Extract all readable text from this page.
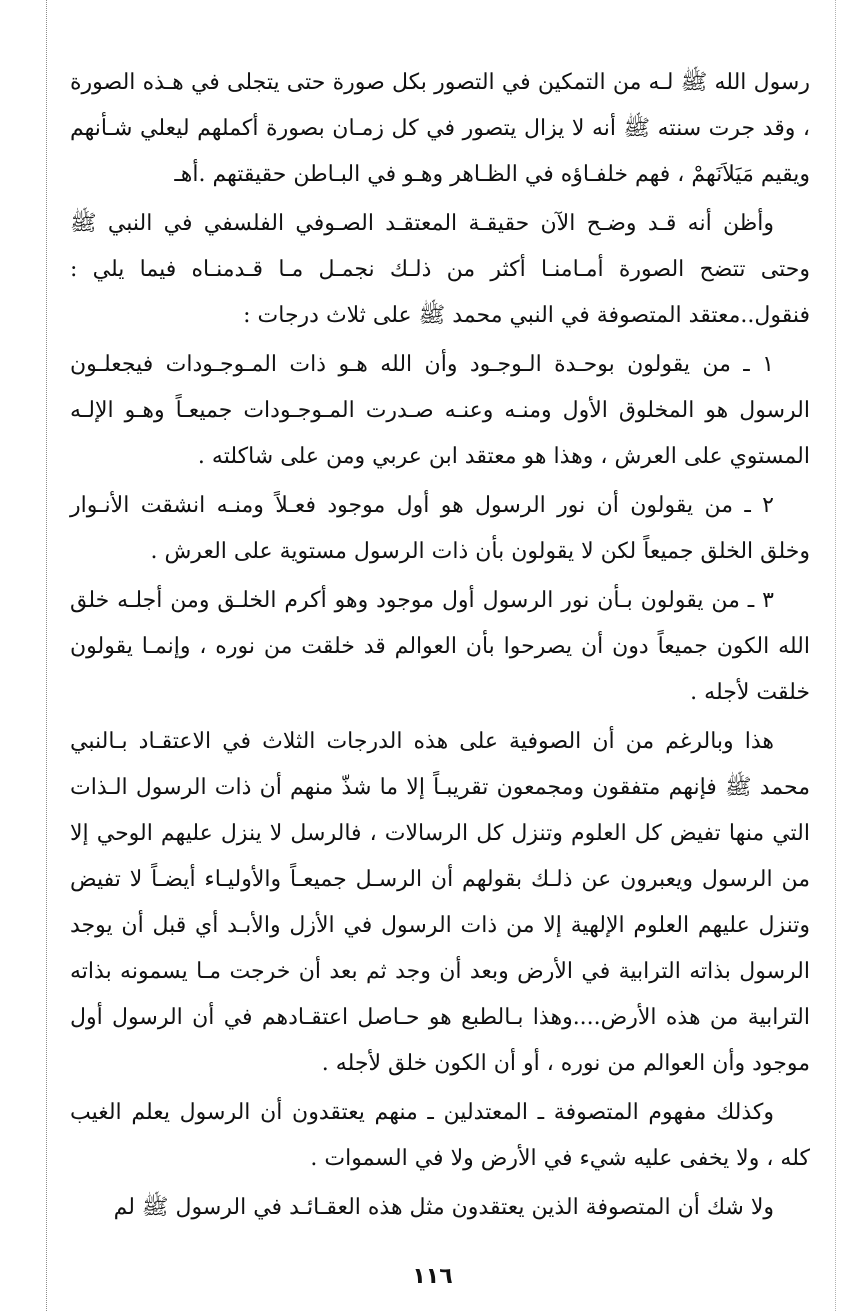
رسول الله ﷺ لـه من التمكين في التصور بكل صورة حتى يتجلى في هـذه الصورة ، وقد جرت سنته ﷺ أنه لا يزال يتصور في كل زمـان بصورة أكملهم ليعلي شـأنهم ويقيم مَيَلاَنَهمْ ، فهم خلفـاؤه في الظـاهر وهـو في البـاطن حقيقتهم .أهـ

وأظن أنه قـد وضـح الآن حقيقـة المعتقـد الصـوفي الفلسفي في النبي ﷺ وحتى تتضح الصورة أمـامنـا أكثر من ذلـك نجمـل مـا قـدمنـاه فيما يلي : فنقول..معتقد المتصوفة في النبي محمد ﷺ على ثلاث درجات :

١ ـ من يقولون بوحـدة الـوجـود وأن الله هـو ذات المـوجـودات فيجعلـون الرسول هو المخلوق الأول ومنـه وعنـه صـدرت المـوجـودات جميعـاً وهـو الإلـه المستوي على العرش ، وهذا هو معتقد ابن عربي ومن على شاكلته .

٢ ـ من يقولون أن نور الرسول هو أول موجود فعـلاً ومنـه انشقت الأنـوار وخلق الخلق جميعاً لكن لا يقولون بأن ذات الرسول مستوية على العرش .

٣ ـ من يقولون بـأن نور الرسول أول موجود وهو أكرم الخلـق ومن أجلـه خلق الله الكون جميعاً دون أن يصرحوا بأن العوالم قد خلقت من نوره ، وإنمـا يقولون خلقت لأجله .

هذا وبالرغم من أن الصوفية على هذه الدرجات الثلاث في الاعتقـاد بـالنبي محمد ﷺ فإنهم متفقون ومجمعون تقريبـاً إلا ما شذّ منهم أن ذات الرسول الـذات التي منها تفيض كل العلوم وتنزل كل الرسالات ، فالرسل لا ينزل عليهم الوحي إلا من الرسول ويعبرون عن ذلـك بقولهم أن الرسـل جميعـاً والأوليـاء أيضـاً لا تفيض وتنزل عليهم العلوم الإلهية إلا من ذات الرسول في الأزل والأبـد أي قبل أن يوجد الرسول بذاته الترابية في الأرض وبعد أن وجد ثم بعد أن خرجت مـا يسمونه بذاته الترابية من هذه الأرض....وهذا بـالطبع هو حـاصل اعتقـادهم في أن الرسول أول موجود وأن العوالم من نوره ، أو أن الكون خلق لأجله .

وكذلك مفهوم المتصوفة ـ المعتدلين ـ منهم يعتقدون أن الرسول يعلم الغيب كله ، ولا يخفى عليه شيء في الأرض ولا في السموات .

ولا شك أن المتصوفة الذين يعتقدون مثل هذه العقـائـد في الرسول ﷺ لم

١١٦
